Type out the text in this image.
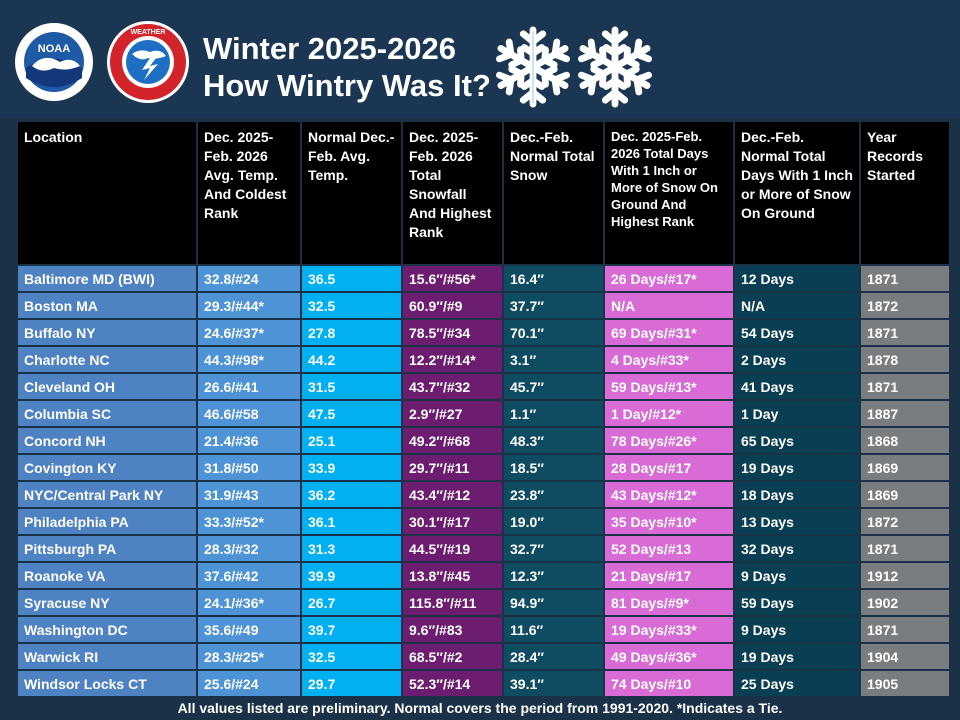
NOAA
WEATHER Winter 2025-2026
How Wintry Was It?
Location	Dec. 2025-Feb. 2026 Avg. Temp. And Coldest Rank	Normal Dec.-Feb. Avg. Temp.	Dec. 2025-Feb. 2026 Total Snowfall And Highest Rank	Dec.-Feb. Normal Total Snow	Dec. 2025-Feb. 2026 Total Days With 1 Inch or More of Snow On Ground And Highest Rank	Dec.-Feb. Normal Total Days With 1 Inch or More of Snow On Ground	Year Records Started
Baltimore MD (BWI)	32.8/#24	36.5	15.6″/#56*	16.4″	26 Days/#17*	12 Days	1871
Boston MA	29.3/#44*	32.5	60.9″/#9	37.7″	N/A	N/A	1872
Buffalo NY	24.6/#37*	27.8	78.5″/#34	70.1″	69 Days/#31*	54 Days	1871
Charlotte NC	44.3/#98*	44.2	12.2″/#14*	3.1″	4 Days/#33*	2 Days	1878
Cleveland OH	26.6/#41	31.5	43.7″/#32	45.7″	59 Days/#13*	41 Days	1871
Columbia SC	46.6/#58	47.5	2.9″/#27	1.1″	1 Day/#12*	1 Day	1887
Concord NH	21.4/#36	25.1	49.2″/#68	48.3″	78 Days/#26*	65 Days	1868
Covington KY	31.8/#50	33.9	29.7″/#11	18.5″	28 Days/#17	19 Days	1869
NYC/Central Park NY	31.9/#43	36.2	43.4″/#12	23.8″	43 Days/#12*	18 Days	1869
Philadelphia PA	33.3/#52*	36.1	30.1″/#17	19.0″	35 Days/#10*	13 Days	1872
Pittsburgh PA	28.3/#32	31.3	44.5″/#19	32.7″	52 Days/#13	32 Days	1871
Roanoke VA	37.6/#42	39.9	13.8″/#45	12.3″	21 Days/#17	9 Days	1912
Syracuse NY	24.1/#36*	26.7	115.8″/#11	94.9″	81 Days/#9*	59 Days	1902
Washington DC	35.6/#49	39.7	9.6″/#83	11.6″	19 Days/#33*	9 Days	1871
Warwick RI	28.3/#25*	32.5	68.5″/#2	28.4″	49 Days/#36*	19 Days	1904
Windsor Locks CT	25.6/#24	29.7	52.3″/#14	39.1″	74 Days/#10	25 Days	1905
All values listed are preliminary. Normal covers the period from 1991-2020. *Indicates a Tie.
